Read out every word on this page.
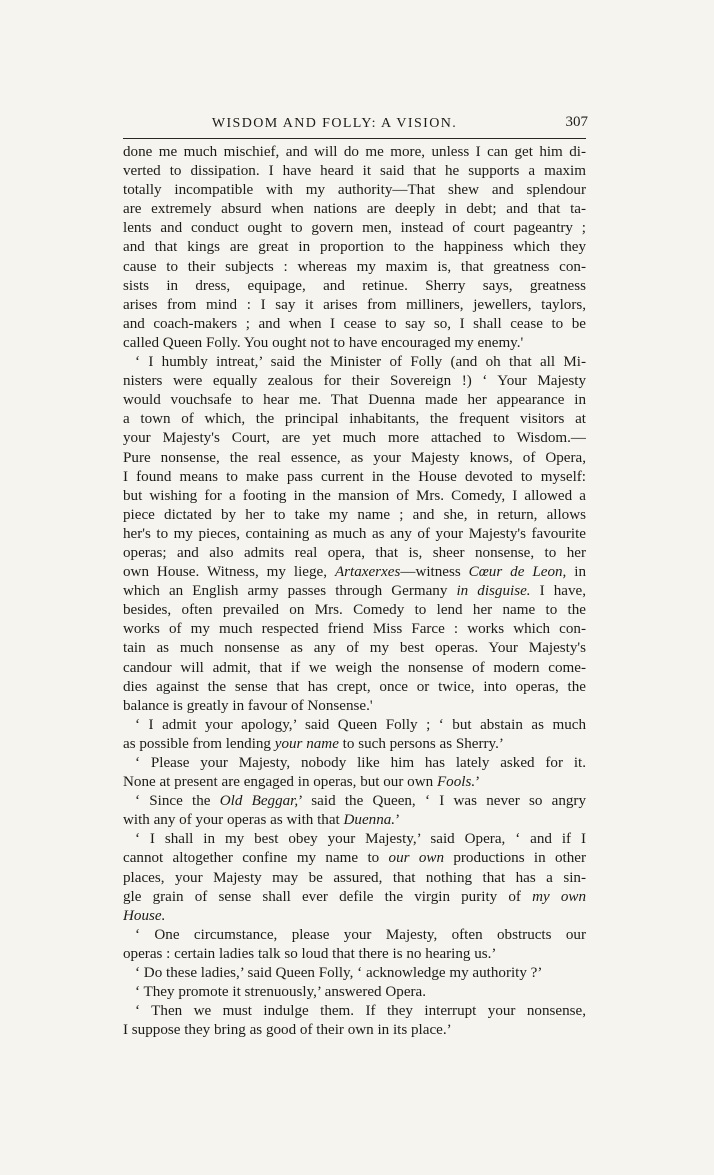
WISDOM AND FOLLY: A VISION.	307
done me much mischief, and will do me more, unless I can get him di-
verted to dissipation. I have heard it said that he supports a maxim
totally incompatible with my authority—That shew and splendour
are extremely absurd when nations are deeply in debt; and that ta-
lents and conduct ought to govern men, instead of court pageantry ;
and that kings are great in proportion to the happiness which they
cause to their subjects : whereas my maxim is, that greatness con-
sists in dress, equipage, and retinue. Sherry says, greatness
arises from mind : I say it arises from milliners, jewellers, taylors,
and coach-makers ; and when I cease to say so, I shall cease to be
called Queen Folly. You ought not to have encouraged my enemy.'
‘ I humbly intreat,’ said the Minister of Folly (and oh that all Mi-
nisters were equally zealous for their Sovereign !) ‘ Your Majesty
would vouchsafe to hear me. That Duenna made her appearance in
a town of which, the principal inhabitants, the frequent visitors at
your Majesty's Court, are yet much more attached to Wisdom.—
Pure nonsense, the real essence, as your Majesty knows, of Opera,
I found means to make pass current in the House devoted to myself:
but wishing for a footing in the mansion of Mrs. Comedy, I allowed a
piece dictated by her to take my name ; and she, in return, allows
her's to my pieces, containing as much as any of your Majesty's favourite
operas; and also admits real opera, that is, sheer nonsense, to her
own House. Witness, my liege, Artaxerxes—witness Cœur de Leon, in
which an English army passes through Germany in disguise. I have,
besides, often prevailed on Mrs. Comedy to lend her name to the
works of my much respected friend Miss Farce : works which con-
tain as much nonsense as any of my best operas. Your Majesty's
candour will admit, that if we weigh the nonsense of modern come-
dies against the sense that has crept, once or twice, into operas, the
balance is greatly in favour of Nonsense.'
‘ I admit your apology,’ said Queen Folly ; ‘ but abstain as much
as possible from lending your name to such persons as Sherry.’
‘ Please your Majesty, nobody like him has lately asked for it.
None at present are engaged in operas, but our own Fools.’
‘ Since the Old Beggar,’ said the Queen, ‘ I was never so angry
with any of your operas as with that Duenna.’
‘ I shall in my best obey your Majesty,’ said Opera, ‘ and if I
cannot altogether confine my name to our own productions in other
places, your Majesty may be assured, that nothing that has a sin-
gle grain of sense shall ever defile the virgin purity of my own
House.
‘ One circumstance, please your Majesty, often obstructs our
operas : certain ladies talk so loud that there is no hearing us.’
‘ Do these ladies,’ said Queen Folly, ‘ acknowledge my authority ?’
‘ They promote it strenuously,’ answered Opera.
‘ Then we must indulge them. If they interrupt your nonsense,
I suppose they bring as good of their own in its place.’
